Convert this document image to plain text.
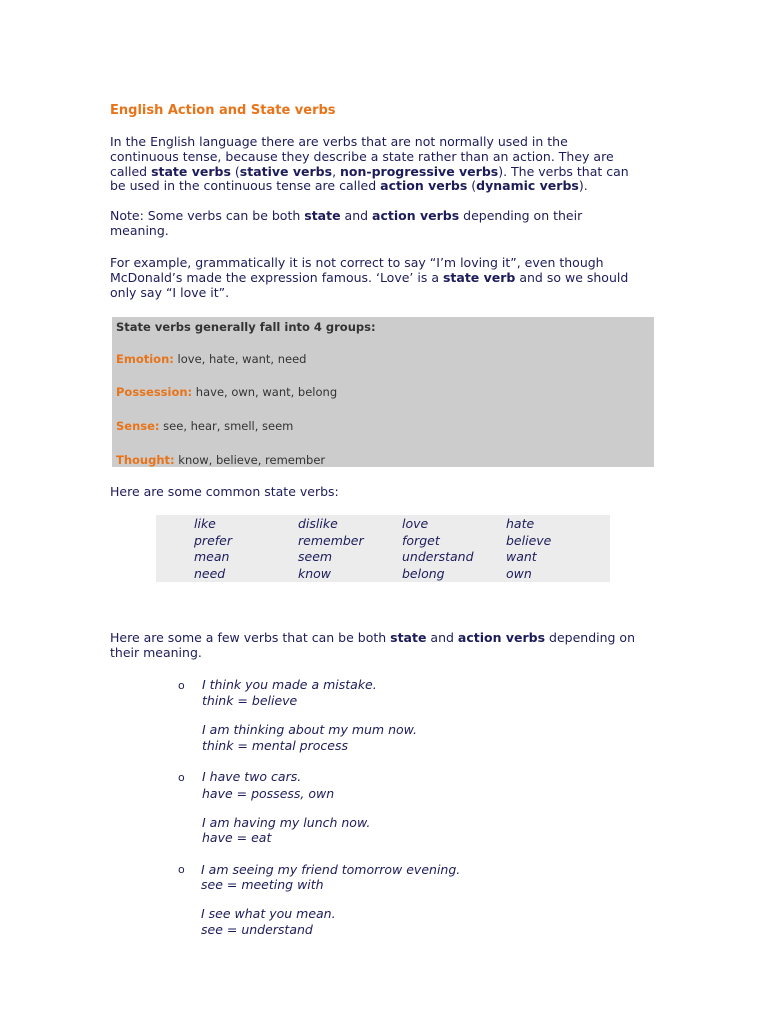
English Action and State verbs

In the English language there are verbs that are not normally used in the
continuous tense, because they describe a state rather than an action. They are
called state verbs (stative verbs, non-progressive verbs). The verbs that can
be used in the continuous tense are called action verbs (dynamic verbs).

Note: Some verbs can be both state and action verbs depending on their
meaning.

For example, grammatically it is not correct to say “I’m loving it”, even though
McDonald’s made the expression famous. ‘Love’ is a state verb and so we should
only say “I love it”.

State verbs generally fall into 4 groups:
Emotion: love, hate, want, need
Possession: have, own, want, belong
Sense: see, hear, smell, seem
Thought: know, believe, remember

Here are some common state verbs:

like	dislike	love	hate
prefer	remember	forget	believe
mean	seem	understand	want
need	know	belong	own

Here are some a few verbs that can be both state and action verbs depending on
their meaning.

o I think you made a mistake.
think = believe
I am thinking about my mum now.
think = mental process
o I have two cars.
have = possess, own
I am having my lunch now.
have = eat
o I am seeing my friend tomorrow evening.
see = meeting with
I see what you mean.
see = understand
